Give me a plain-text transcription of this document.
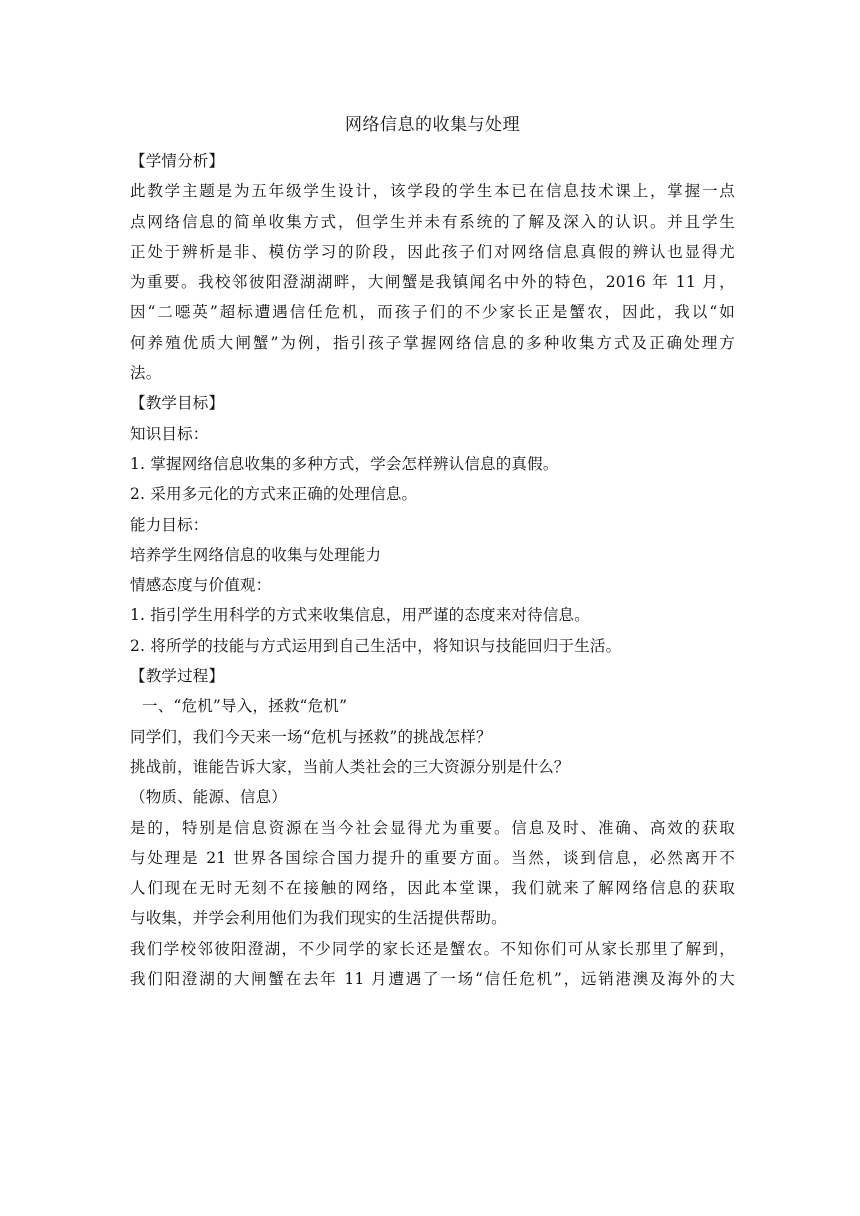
网络信息的收集与处理

【学情分析】

此教学主题是为五年级学生设计，该学段的学生本已在信息技术课上，掌握一点

点网络信息的简单收集方式，但学生并未有系统的了解及深入的认识。并且学生

正处于辨析是非、模仿学习的阶段，因此孩子们对网络信息真假的辨认也显得尤

为重要。我校邻彼阳澄湖湖畔，大闸蟹是我镇闻名中外的特色，2016 年 11 月，

因“二噁英”超标遭遇信任危机，而孩子们的不少家长正是蟹农，因此，我以“如

何养殖优质大闸蟹”为例，指引孩子掌握网络信息的多种收集方式及正确处理方

法。

【教学目标】

知识目标：

1. 掌握网络信息收集的多种方式，学会怎样辨认信息的真假。

2. 采用多元化的方式来正确的处理信息。

能力目标：

培养学生网络信息的收集与处理能力

情感态度与价值观：

1. 指引学生用科学的方式来收集信息，用严谨的态度来对待信息。

2. 将所学的技能与方式运用到自己生活中，将知识与技能回归于生活。

【教学过程】

一、“危机”导入，拯救“危机”

同学们，我们今天来一场“危机与拯救”的挑战怎样？

挑战前，谁能告诉大家，当前人类社会的三大资源分别是什么？

（物质、能源、信息）

是的，特别是信息资源在当今社会显得尤为重要。信息及时、准确、高效的获取

与处理是 21 世界各国综合国力提升的重要方面。当然，谈到信息，必然离开不

人们现在无时无刻不在接触的网络，因此本堂课，我们就来了解网络信息的获取

与收集，并学会利用他们为我们现实的生活提供帮助。

我们学校邻彼阳澄湖，不少同学的家长还是蟹农。不知你们可从家长那里了解到，

我们阳澄湖的大闸蟹在去年 11 月遭遇了一场“信任危机”，远销港澳及海外的大
